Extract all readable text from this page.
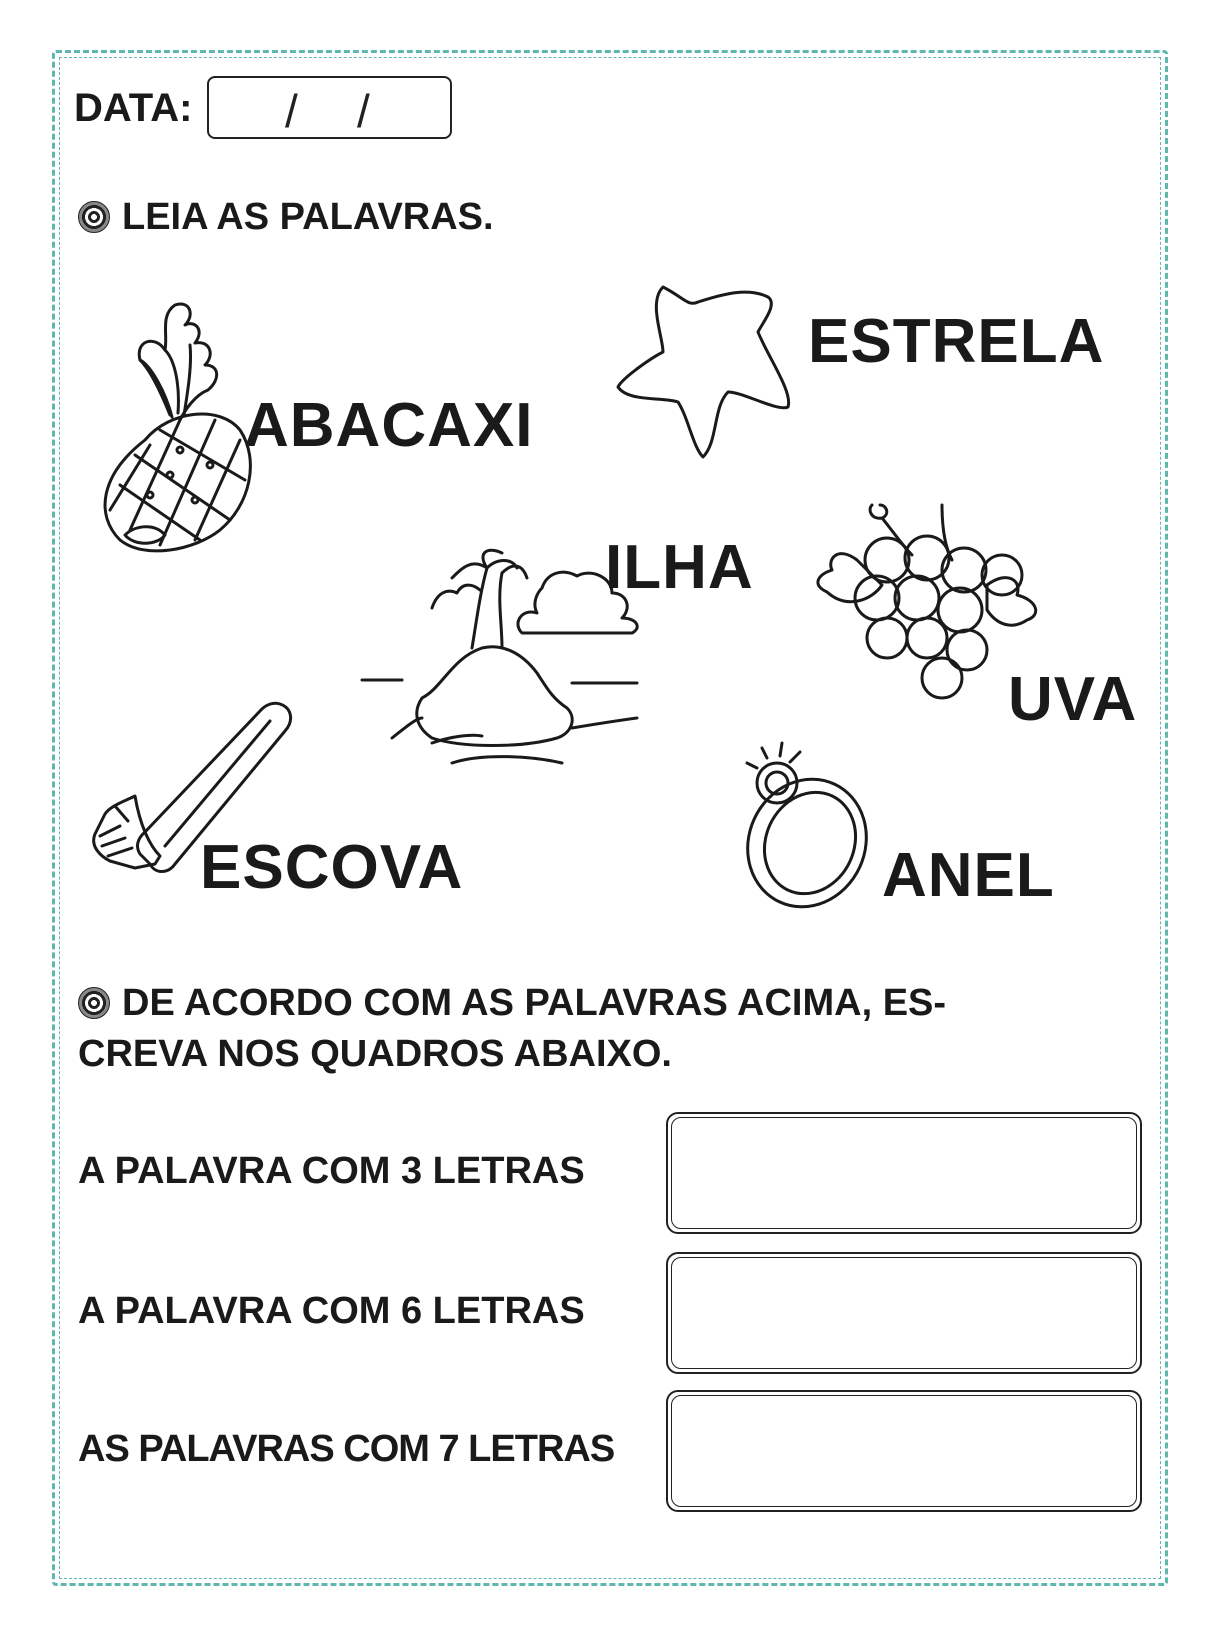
DATA: / /
LEIA AS PALAVRAS.
ABACAXI
ESTRELA
ILHA
UVA
ESCOVA	ANEL
DE ACORDO COM AS PALAVRAS ACIMA, ES-
CREVA NOS QUADROS ABAIXO.
A PALAVRA COM 3 LETRAS
A PALAVRA COM 6 LETRAS
AS PALAVRAS COM 7 LETRAS
